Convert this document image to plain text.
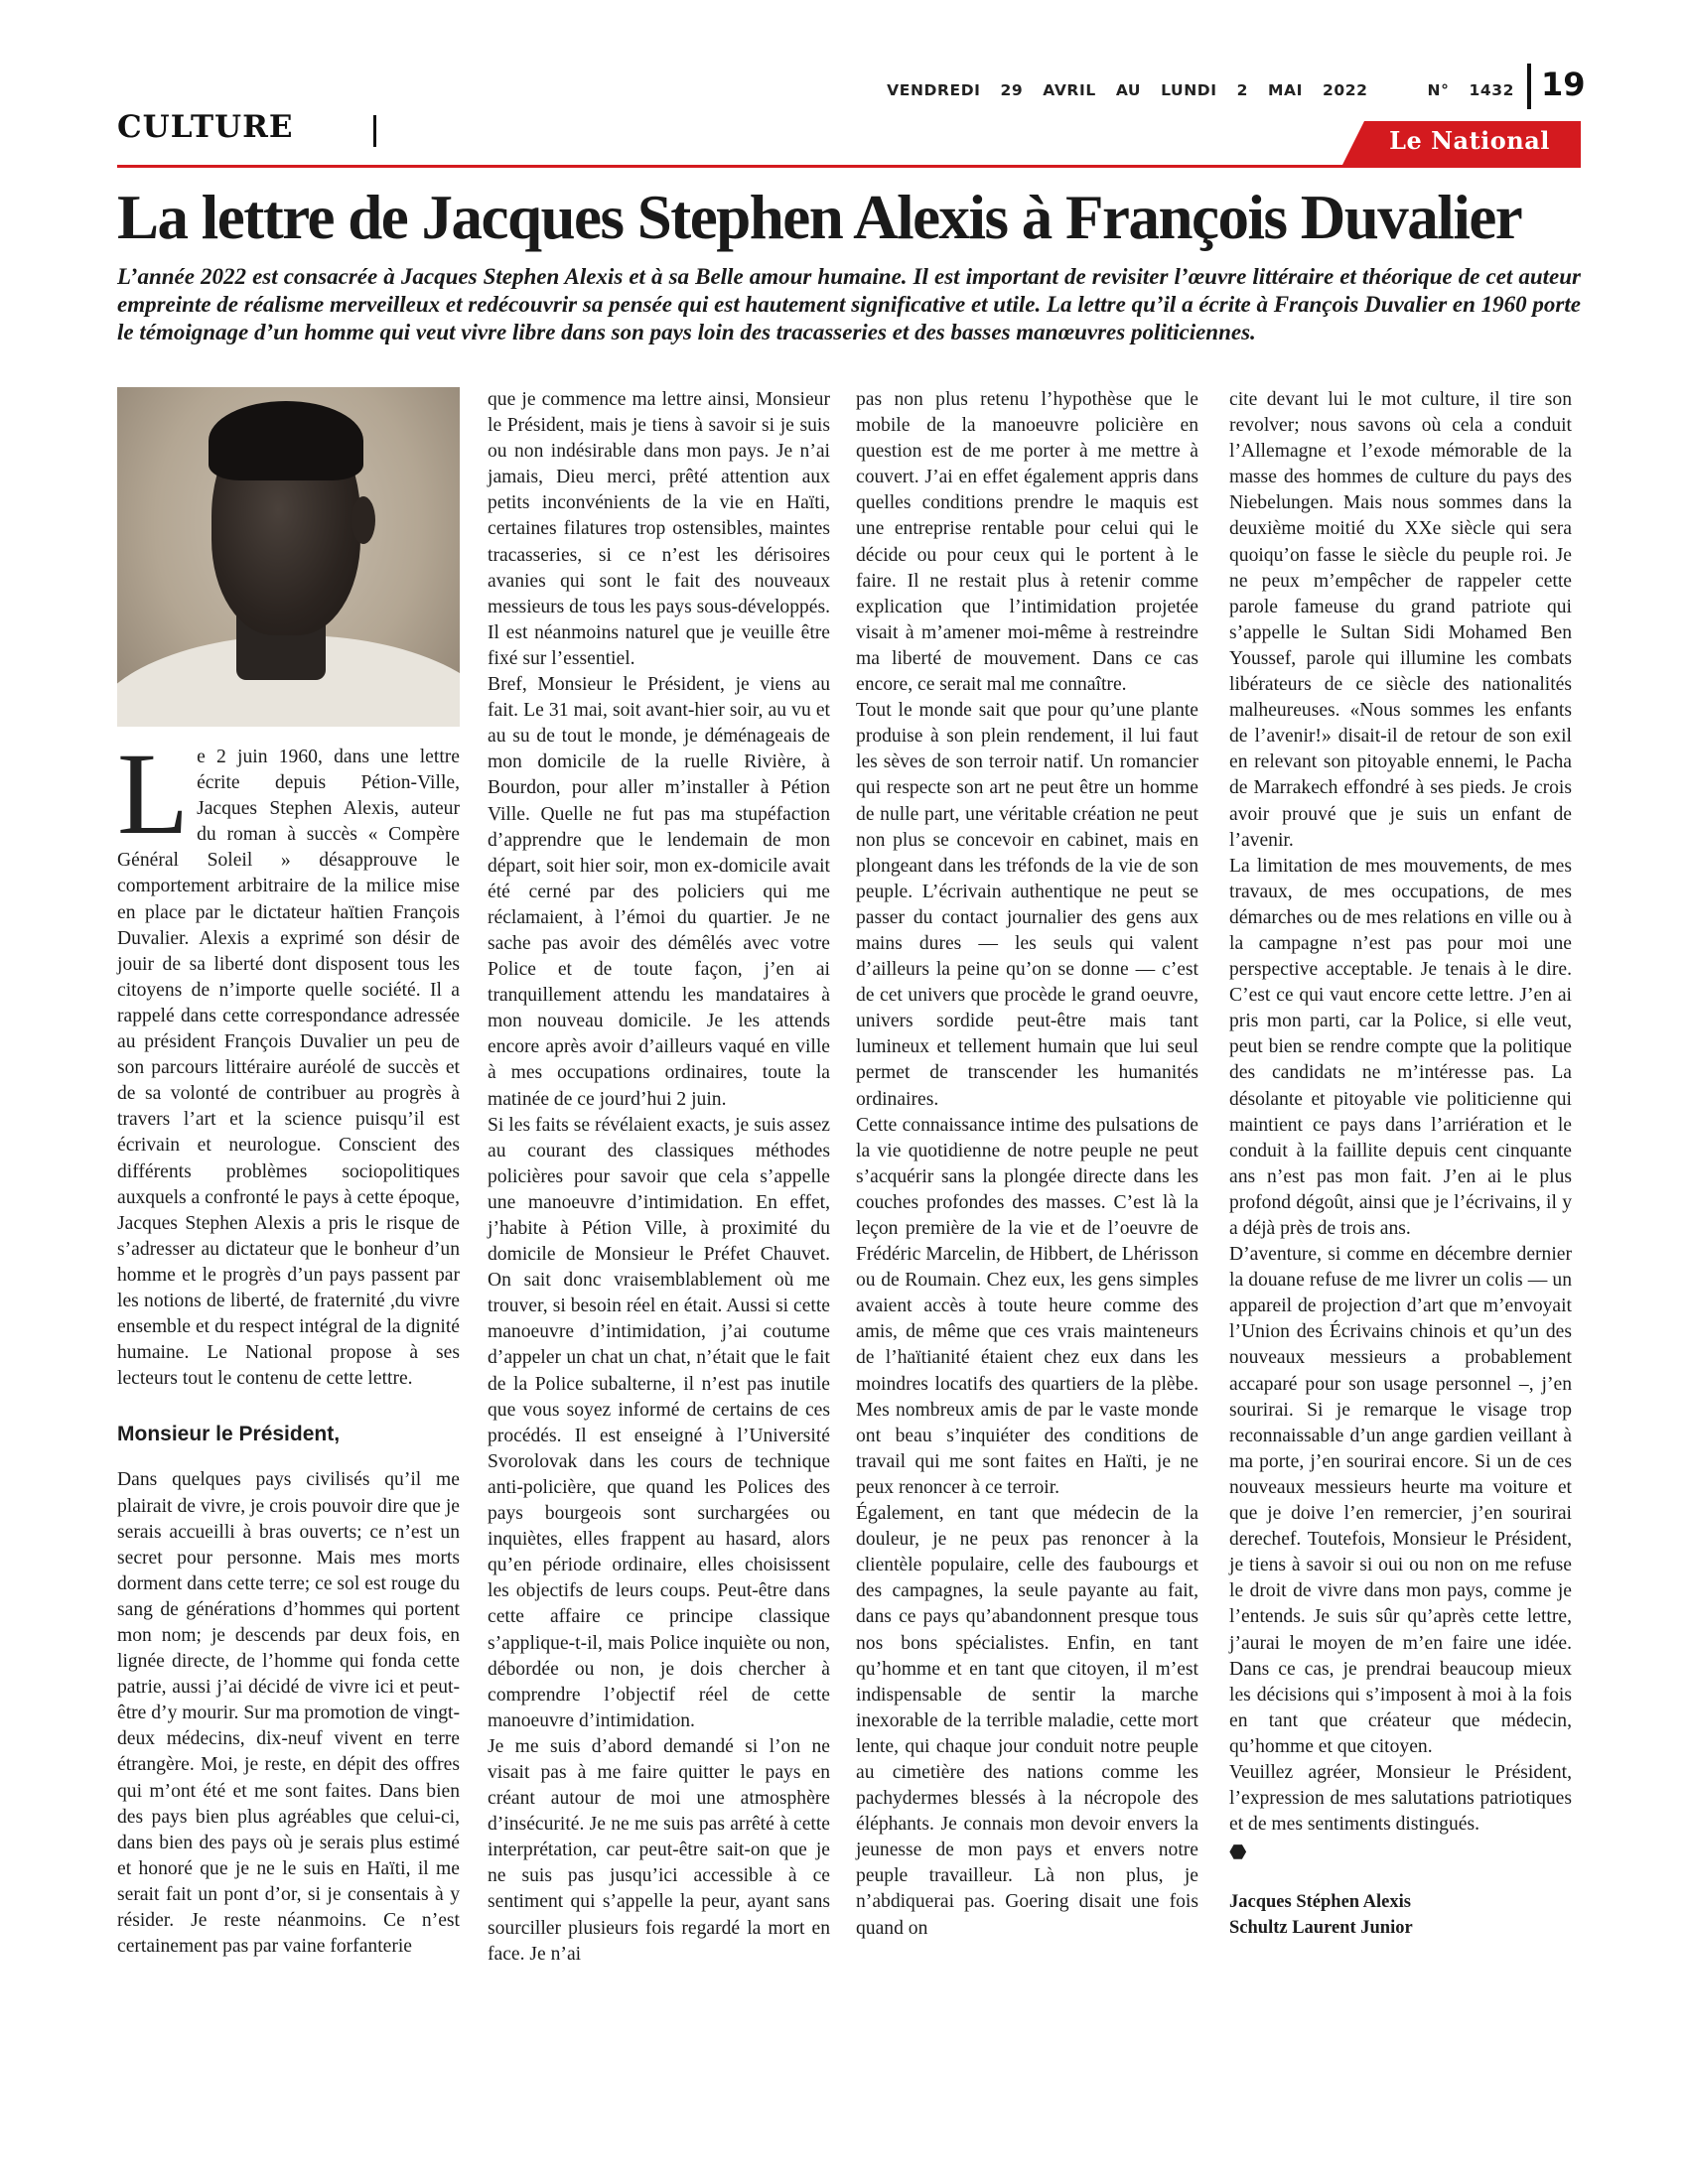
VENDREDI 29 AVRIL AU LUNDI 2 MAI 2022	N° 1432 19
CULTURE	Le National
La lettre de Jacques Stephen Alexis à François Duvalier
L’année 2022 est consacrée à Jacques Stephen Alexis et à sa Belle amour humaine. Il est important de revisiter l’œuvre littéraire et théorique de cet auteur empreinte de réalisme merveilleux et redécouvrir sa pensée qui est hautement significative et utile. La lettre qu’il a écrite à François Duvalier en 1960 porte le témoignage d’un homme qui veut vivre libre dans son pays loin des tracasseries et des basses manœuvres politiciennes.

Le 2 juin 1960, dans une lettre écrite depuis Pétion-Ville, Jacques Stephen Alexis, auteur du roman à succès « Compère Général Soleil » désapprouve le comportement arbitraire de la milice mise en place par le dictateur haïtien François Duvalier. Alexis a exprimé son désir de jouir de sa liberté dont disposent tous les citoyens de n’importe quelle société. Il a rappelé dans cette correspondance adressée au président François Duvalier un peu de son parcours littéraire auréolé de succès et de sa volonté de contribuer au progrès à travers l’art et la science puisqu’il est écrivain et neurologue. Conscient des différents problèmes sociopolitiques auxquels a confronté le pays à cette époque, Jacques Stephen Alexis a pris le risque de s’adresser au dictateur que le bonheur d’un homme et le progrès d’un pays passent par les notions de liberté, de fraternité ,du vivre ensemble et du respect intégral de la dignité humaine. Le National propose à ses lecteurs tout le contenu de cette lettre.

Monsieur le Président,

Dans quelques pays civilisés qu’il me plairait de vivre, je crois pouvoir dire que je serais accueilli à bras ouverts; ce n’est un secret pour personne. Mais mes morts dorment dans cette terre; ce sol est rouge du sang de générations d’hommes qui portent mon nom; je descends par deux fois, en lignée directe, de l’homme qui fonda cette patrie, aussi j’ai décidé de vivre ici et peut-être d’y mourir. Sur ma promotion de vingt-deux médecins, dix-neuf vivent en terre étrangère. Moi, je reste, en dépit des offres qui m’ont été et me sont faites. Dans bien des pays bien plus agréables que celui-ci, dans bien des pays où je serais plus estimé et honoré que je ne le suis en Haïti, il me serait fait un pont d’or, si je consentais à y résider. Je reste néanmoins. Ce n’est certainement pas par vaine forfanterie

que je commence ma lettre ainsi, Monsieur le Président, mais je tiens à savoir si je suis ou non indésirable dans mon pays. Je n’ai jamais, Dieu merci, prêté attention aux petits inconvénients de la vie en Haïti, certaines filatures trop ostensibles, maintes tracasseries, si ce n’est les dérisoires avanies qui sont le fait des nouveaux messieurs de tous les pays sous-développés. Il est néanmoins naturel que je veuille être fixé sur l’essentiel.

Bref, Monsieur le Président, je viens au fait. Le 31 mai, soit avant-hier soir, au vu et au su de tout le monde, je déménageais de mon domicile de la ruelle Rivière, à Bourdon, pour aller m’installer à Pétion Ville. Quelle ne fut pas ma stupéfaction d’apprendre que le lendemain de mon départ, soit hier soir, mon ex-domicile avait été cerné par des policiers qui me réclamaient, à l’émoi du quartier. Je ne sache pas avoir des démêlés avec votre Police et de toute façon, j’en ai tranquillement attendu les mandataires à mon nouveau domicile. Je les attends encore après avoir d’ailleurs vaqué en ville à mes occupations ordinaires, toute la matinée de ce jourd’hui 2 juin.

Si les faits se révélaient exacts, je suis assez au courant des classiques méthodes policières pour savoir que cela s’appelle une manoeuvre d’intimidation. En effet, j’habite à Pétion Ville, à proximité du domicile de Monsieur le Préfet Chauvet. On sait donc vraisemblablement où me trouver, si besoin réel en était. Aussi si cette manoeuvre d’intimidation, j’ai coutume d’appeler un chat un chat, n’était que le fait de la Police subalterne, il n’est pas inutile que vous soyez informé de certains de ces procédés. Il est enseigné à l’Université Svorolovak dans les cours de technique anti-policière, que quand les Polices des pays bourgeois sont surchargées ou inquiètes, elles frappent au hasard, alors qu’en période ordinaire, elles choisissent les objectifs de leurs coups. Peut-être dans cette affaire ce principe classique s’applique-t-il, mais Police inquiète ou non, débordée ou non, je dois chercher à comprendre l’objectif réel de cette manoeuvre d’intimidation.

Je me suis d’abord demandé si l’on ne visait pas à me faire quitter le pays en créant autour de moi une atmosphère d’insécurité. Je ne me suis pas arrêté à cette interprétation, car peut-être sait-on que je ne suis pas jusqu’ici accessible à ce sentiment qui s’appelle la peur, ayant sans sourciller plusieurs fois regardé la mort en face. Je n’ai

pas non plus retenu l’hypothèse que le mobile de la manoeuvre policière en question est de me porter à me mettre à couvert. J’ai en effet également appris dans quelles conditions prendre le maquis est une entreprise rentable pour celui qui le décide ou pour ceux qui le portent à le faire. Il ne restait plus à retenir comme explication que l’intimidation projetée visait à m’amener moi-même à restreindre ma liberté de mouvement. Dans ce cas encore, ce serait mal me connaître.

Tout le monde sait que pour qu’une plante produise à son plein rendement, il lui faut les sèves de son terroir natif. Un romancier qui respecte son art ne peut être un homme de nulle part, une véritable création ne peut non plus se concevoir en cabinet, mais en plongeant dans les tréfonds de la vie de son peuple. L’écrivain authentique ne peut se passer du contact journalier des gens aux mains dures — les seuls qui valent d’ailleurs la peine qu’on se donne — c’est de cet univers que procède le grand oeuvre, univers sordide peut-être mais tant lumineux et tellement humain que lui seul permet de transcender les humanités ordinaires.

Cette connaissance intime des pulsations de la vie quotidienne de notre peuple ne peut s’acquérir sans la plongée directe dans les couches profondes des masses. C’est là la leçon première de la vie et de l’oeuvre de Frédéric Marcelin, de Hibbert, de Lhérisson ou de Roumain. Chez eux, les gens simples avaient accès à toute heure comme des amis, de même que ces vrais mainteneurs de l’haïtianité étaient chez eux dans les moindres locatifs des quartiers de la plèbe. Mes nombreux amis de par le vaste monde ont beau s’inquiéter des conditions de travail qui me sont faites en Haïti, je ne peux renoncer à ce terroir.

Également, en tant que médecin de la douleur, je ne peux pas renoncer à la clientèle populaire, celle des faubourgs et des campagnes, la seule payante au fait, dans ce pays qu’abandonnent presque tous nos bons spécialistes. Enfin, en tant qu’homme et en tant que citoyen, il m’est indispensable de sentir la marche inexorable de la terrible maladie, cette mort lente, qui chaque jour conduit notre peuple au cimetière des nations comme les pachydermes blessés à la nécropole des éléphants. Je connais mon devoir envers la jeunesse de mon pays et envers notre peuple travailleur. Là non plus, je n’abdiquerai pas. Goering disait une fois quand on

cite devant lui le mot culture, il tire son revolver; nous savons où cela a conduit l’Allemagne et l’exode mémorable de la masse des hommes de culture du pays des Niebelungen. Mais nous sommes dans la deuxième moitié du XXe siècle qui sera quoiqu’on fasse le siècle du peuple roi. Je ne peux m’empêcher de rappeler cette parole fameuse du grand patriote qui s’appelle le Sultan Sidi Mohamed Ben Youssef, parole qui illumine les combats libérateurs de ce siècle des nationalités malheureuses. «Nous sommes les enfants de l’avenir!» disait-il de retour de son exil en relevant son pitoyable ennemi, le Pacha de Marrakech effondré à ses pieds. Je crois avoir prouvé que je suis un enfant de l’avenir.

La limitation de mes mouvements, de mes travaux, de mes occupations, de mes démarches ou de mes relations en ville ou à la campagne n’est pas pour moi une perspective acceptable. Je tenais à le dire. C’est ce qui vaut encore cette lettre. J’en ai pris mon parti, car la Police, si elle veut, peut bien se rendre compte que la politique des candidats ne m’intéresse pas. La désolante et pitoyable vie politicienne qui maintient ce pays dans l’arriération et le conduit à la faillite depuis cent cinquante ans n’est pas mon fait. J’en ai le plus profond dégoût, ainsi que je l’écrivains, il y a déjà près de trois ans.

D’aventure, si comme en décembre dernier la douane refuse de me livrer un colis — un appareil de projection d’art que m’envoyait l’Union des Écrivains chinois et qu’un des nouveaux messieurs a probablement accaparé pour son usage personnel –, j’en sourirai. Si je remarque le visage trop reconnaissable d’un ange gardien veillant à ma porte, j’en sourirai encore. Si un de ces nouveaux messieurs heurte ma voiture et que je doive l’en remercier, j’en sourirai derechef. Toutefois, Monsieur le Président, je tiens à savoir si oui ou non on me refuse le droit de vivre dans mon pays, comme je l’entends. Je suis sûr qu’après cette lettre, j’aurai le moyen de m’en faire une idée. Dans ce cas, je prendrai beaucoup mieux les décisions qui s’imposent à moi à la fois en tant que créateur que médecin, qu’homme et que citoyen.

Veuillez agréer, Monsieur le Président, l’expression de mes salutations patriotiques et de mes sentiments distingués.

⬣
Jacques Stéphen Alexis
Schultz Laurent Junior
